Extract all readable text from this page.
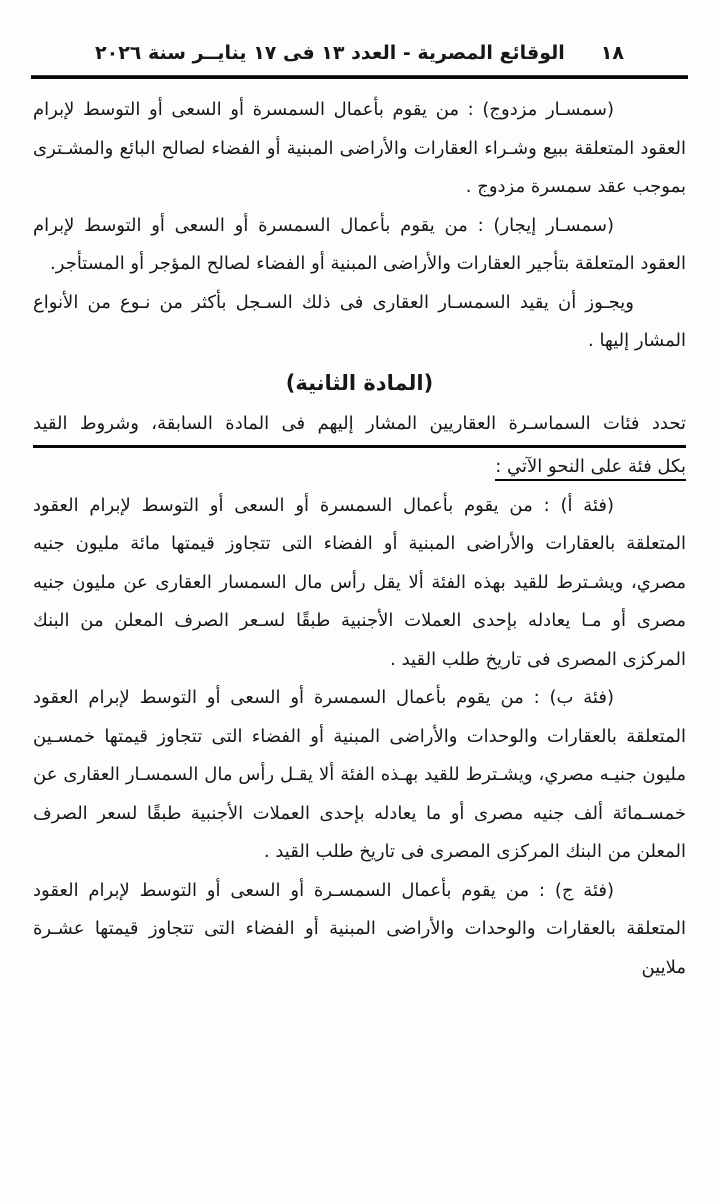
١٨
الوقائع المصرية - العدد ١٣ فى ١٧ ينايــر سنة ٢٠٢٦

(سمسـار مزدوج) : من يقوم بأعمال السمسرة أو السعى أو التوسط لإبرام العقود المتعلقة ببيع وشـراء العقارات والأراضى المبنية أو الفضاء لصالح البائع والمشـترى بموجب عقد سمسرة مزدوج .

(سمسـار إيجار) : من يقوم بأعمال السمسرة أو السعى أو التوسط لإبرام العقود المتعلقة بتأجير العقارات والأراضى المبنية أو الفضاء لصالح المؤجر أو المستأجر.

ويجـوز أن يقيد السمسـار العقارى فى ذلك السـجل بأكثر من نـوع من الأنواع المشار إليها .

(المادة الثانية)

تحدد فئات السماسـرة العقاريين المشار إليهم فى المادة السابقة، وشروط القيد

بكل فئة على النحو الآتي :

(فئة أ) : من يقوم بأعمال السمسرة أو السعى أو التوسط لإبرام العقود المتعلقة بالعقارات والأراضى المبنية أو الفضاء التى تتجاوز قيمتها مائة مليون جنيه مصري، ويشـترط للقيد بهذه الفئة ألا يقل رأس مال السمسار العقارى عن مليون جنيه مصرى أو مـا يعادله بإحدى العملات الأجنبية طبقًا لسـعر الصرف المعلن من البنك المركزى المصرى فى تاريخ طلب القيد .

(فئة ب) : من يقوم بأعمال السمسرة أو السعى أو التوسط لإبرام العقود المتعلقة بالعقارات والوحدات والأراضى المبنية أو الفضاء التى تتجاوز قيمتها خمسـين مليون جنيـه مصري، ويشـترط للقيد بهـذه الفئة ألا يقـل رأس مال السمسـار العقارى عن خمسـمائة ألف جنيه مصرى أو ما يعادله بإحدى العملات الأجنبية طبقًا لسعر الصرف المعلن من البنك المركزى المصرى فى تاريخ طلب القيد .

(فئة ج) : من يقوم بأعمال السمسـرة أو السعى أو التوسط لإبرام العقود المتعلقة بالعقارات والوحدات والأراضى المبنية أو الفضاء التى تتجاوز قيمتها عشـرة ملايين
